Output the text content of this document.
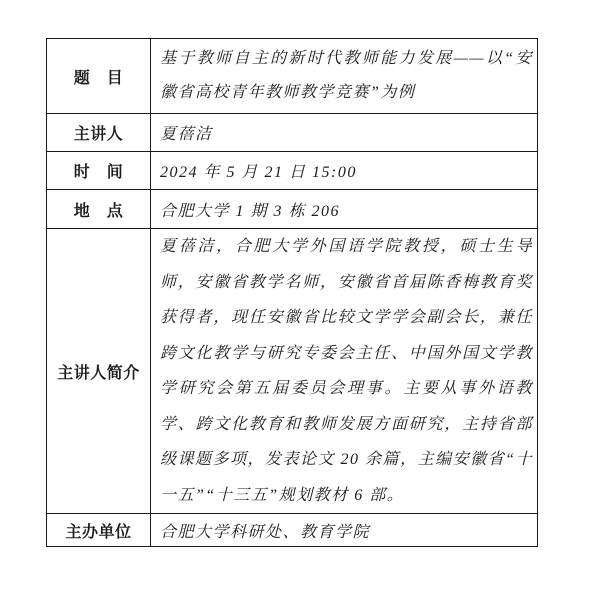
题　目	基于教师自主的新时代教师能力发展——以“安徽省高校青年教师教学竞赛”为例
主讲人	夏蓓洁
时　间	2024 年 5 月 21 日 15:00
地　点	合肥大学 1 期 3 栋 206
主讲人简介	夏蓓洁，合肥大学外国语学院教授，硕士生导师，安徽省教学名师，安徽省首届陈香梅教育奖获得者，现任安徽省比较文学学会副会长，兼任跨文化教学与研究专委会主任、中国外国文学教学研究会第五届委员会理事。主要从事外语教学、跨文化教育和教师发展方面研究，主持省部级课题多项，发表论文 20 余篇，主编安徽省“十一五”“十三五”规划教材 6 部。
主办单位	合肥大学科研处、教育学院
